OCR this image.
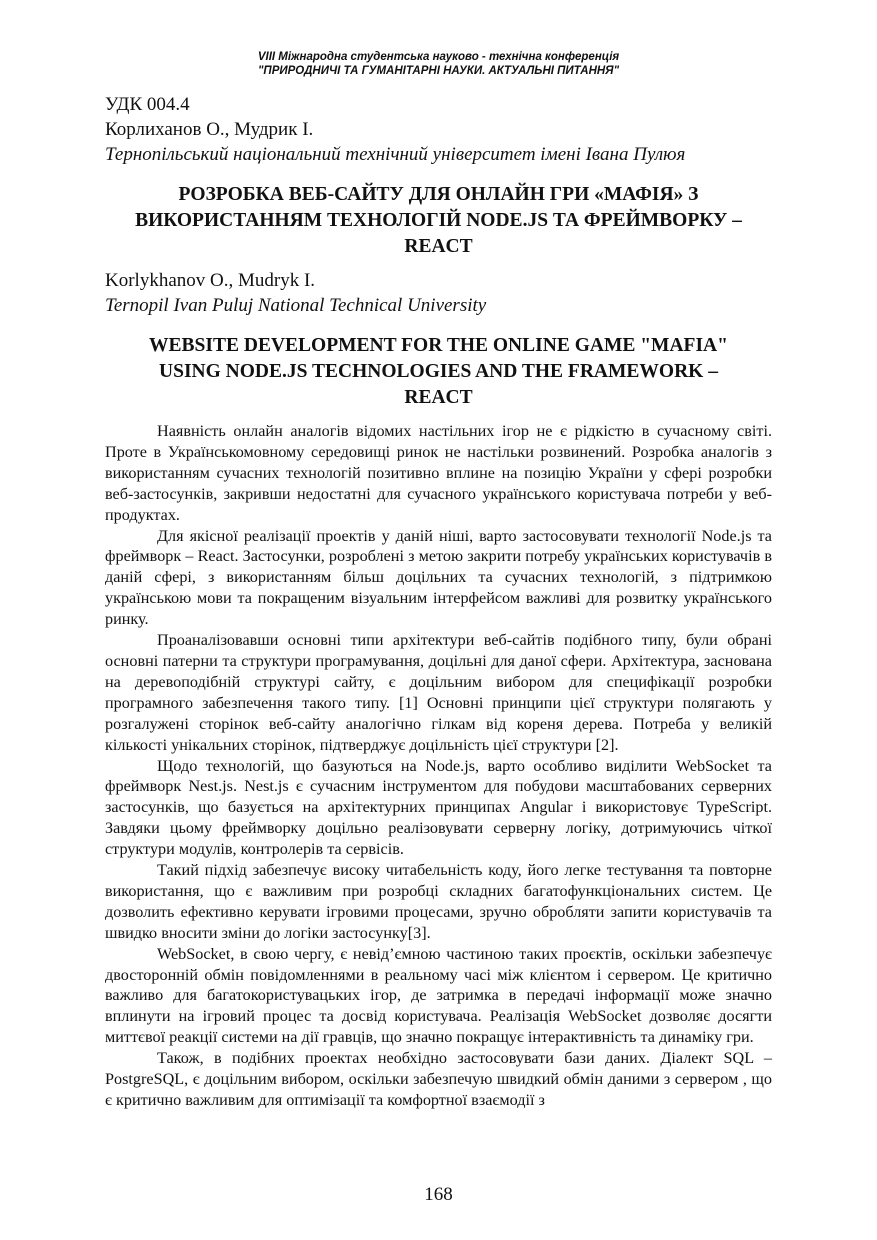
VIII Міжнародна студентська науково - технічна конференція
"ПРИРОДНИЧІ ТА ГУМАНІТАРНІ НАУКИ. АКТУАЛЬНІ ПИТАННЯ"
УДК 004.4
Корлиханов О., Мудрик І.
Тернопільський національний технічний університет імені Івана Пулюя
РОЗРОБКА ВЕБ-САЙТУ ДЛЯ ОНЛАЙН ГРИ «МАФІЯ» З
ВИКОРИСТАННЯМ ТЕХНОЛОГІЙ NODE.JS ТА ФРЕЙМВОРКУ –
REACT
Korlykhanov O., Mudryk I.
Ternopil Ivan Puluj National Technical University
WEBSITE DEVELOPMENT FOR THE ONLINE GAME "MAFIA"
USING NODE.JS TECHNOLOGIES AND THE FRAMEWORK –
REACT

Наявність онлайн аналогів відомих настільних ігор не є рідкістю в сучасному світі. Проте в Українськомовному середовищі ринок не настільки розвинений. Розробка аналогів з використанням сучасних технологій позитивно вплине на позицію України у сфері розробки веб-застосунків, закривши недостатні для сучасного українського користувача потреби у веб-продуктах.

Для якісної реалізації проектів у даній ніші, варто застосовувати технології Node.js та фреймворк – React. Застосунки, розроблені з метою закрити потребу українських користувачів в даній сфері, з використанням більш доцільних та сучасних технологій, з підтримкою українською мови та покращеним візуальним інтерфейсом важливі для розвитку українського ринку.

Проаналізовавши основні типи архітектури веб-сайтів подібного типу, були обрані основні патерни та структури програмування, доцільні для даної сфери. Архітектура, заснована на деревоподібній структурі сайту, є доцільним вибором для специфікації розробки програмного забезпечення такого типу. [1] Основні принципи цієї структури полягають у розгалужені сторінок веб-сайту аналогічно гілкам від кореня дерева. Потреба у великій кількості унікальних сторінок, підтверджує доцільність цієї структури [2].

Щодо технологій, що базуються на Node.js, варто особливо виділити WebSocket та фреймворк Nest.js. Nest.js є сучасним інструментом для побудови масштабованих серверних застосунків, що базується на архітектурних принципах Angular і використовує TypeScript. Завдяки цьому фреймворку доцільно реалізовувати серверну логіку, дотримуючись чіткої структури модулів, контролерів та сервісів.

Такий підхід забезпечує високу читабельність коду, його легке тестування та повторне використання, що є важливим при розробці складних багатофункціональних систем. Це дозволить ефективно керувати ігровими процесами, зручно обробляти запити користувачів та швидко вносити зміни до логіки застосунку[3].

WebSocket, в свою чергу, є невід’ємною частиною таких проєктів, оскільки забезпечує двосторонній обмін повідомленнями в реальному часі між клієнтом і сервером. Це критично важливо для багатокористувацьких ігор, де затримка в передачі інформації може значно вплинути на ігровий процес та досвід користувача. Реалізація WebSocket дозволяє досягти миттєвої реакції системи на дії гравців, що значно покращує інтерактивність та динаміку гри.

Також, в подібних проектах необхідно застосовувати бази даних. Діалект SQL – PostgreSQL, є доцільним вибором, оскільки забезпечую швидкий обмін даними з сервером , що є критично важливим для оптимізації та комфортної взаємодії з

168
